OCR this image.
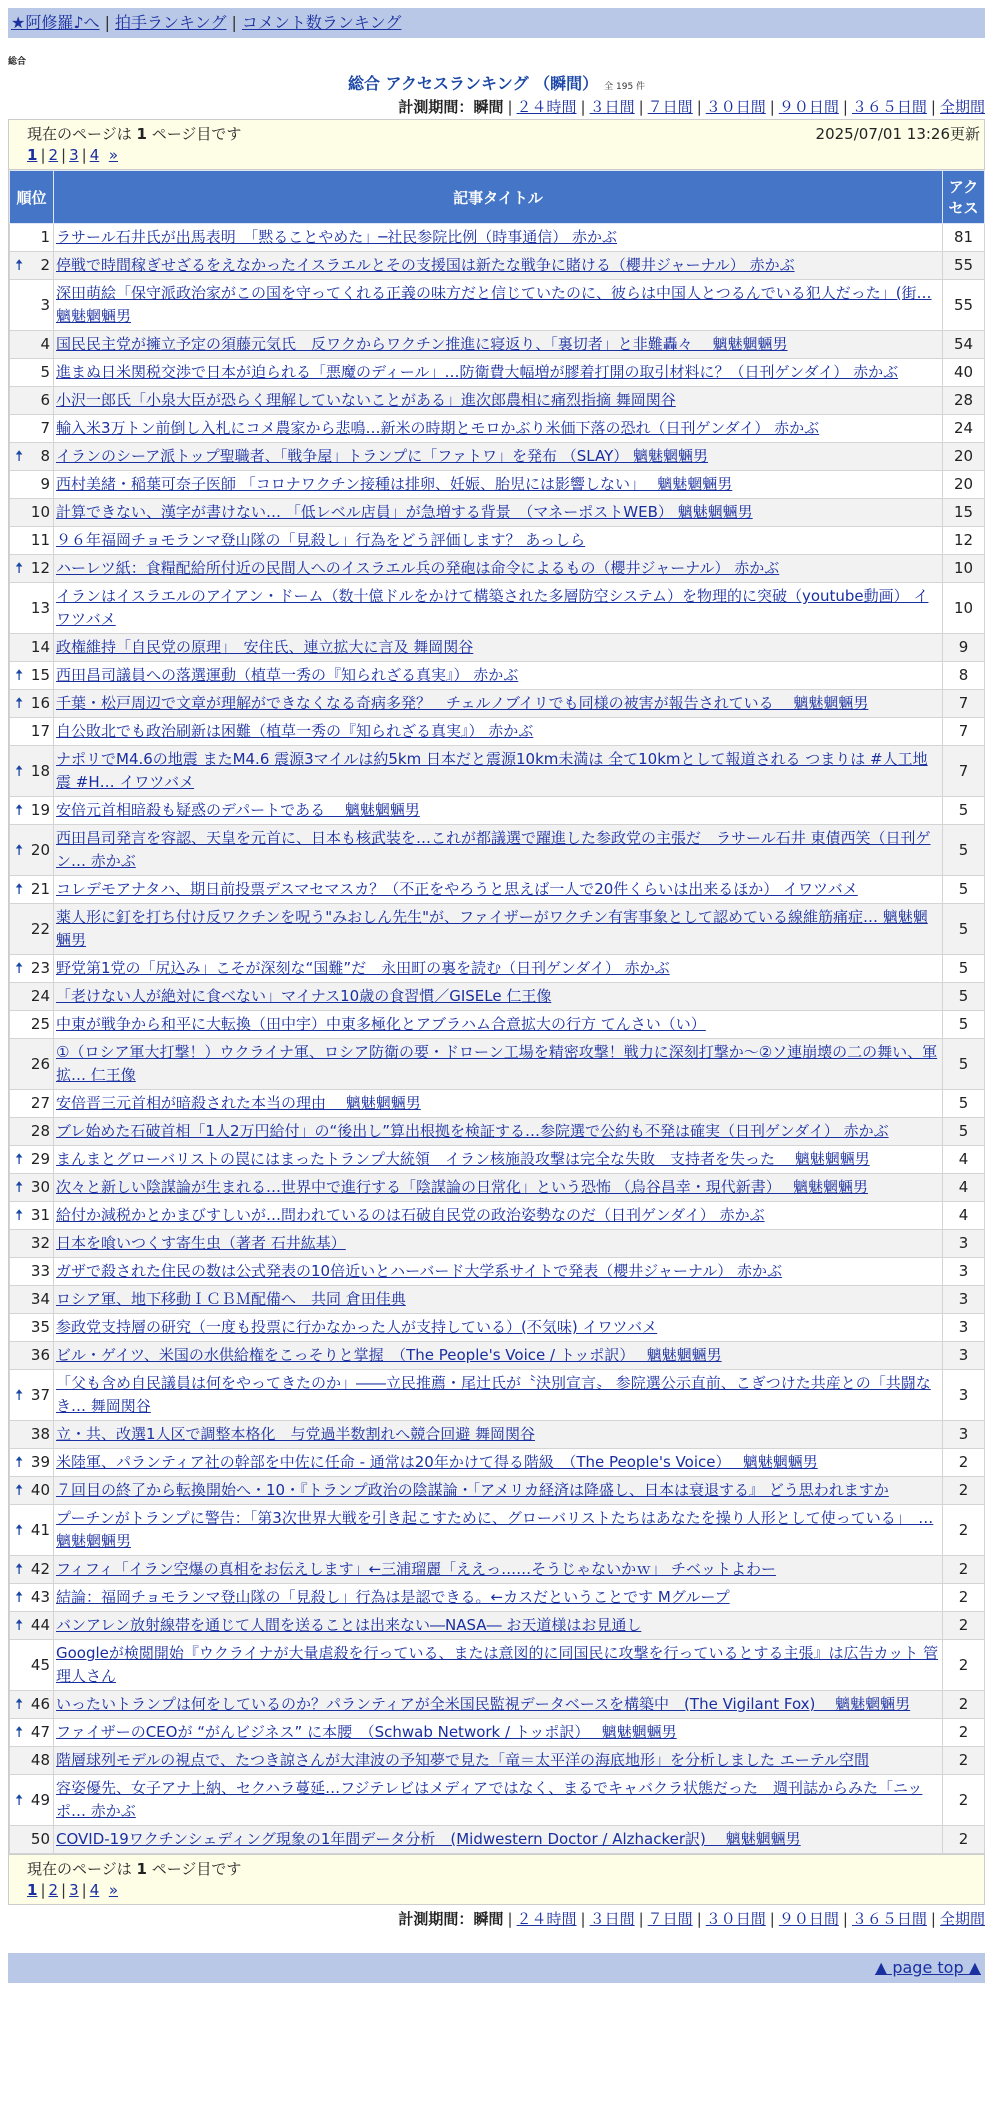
★阿修羅♪へ | 拍手ランキング | コメント数ランキング
総合
総合 アクセスランキング （瞬間） 全 195 件
計測期間：瞬間 | ２４時間 | ３日間 | ７日間 | ３０日間 | ９０日間 | ３６５日間 | 全期間
現在のページは 1 ページ目です	2025/07/01 13:26更新
1 | 2 | 3 | 4 »
順位	記事タイトル	アクセス
1	ラサール石井氏が出馬表明　「黙ることやめた」─社民参院比例（時事通信） 赤かぶ	81

🠅 2	停戦で時間稼ぎせざるをえなかったイスラエルとその支援国は新たな戦争に賭ける（櫻井ジャーナル） 赤かぶ	55
3	深田萌絵「保守派政治家がこの国を守ってくれる正義の味方だと信じていたのに、彼らは中国人とつるんでいる犯人だった」(街… 魑魅魍魎男	55
4	国民民主党が擁立予定の須藤元気氏　反ワクからワクチン推進に寝返り、「裏切者」と非難轟々　 魑魅魍魎男	54
5	進まぬ日米関税交渉で日本が迫られる「悪魔のディール」…防衛費大幅増が膠着打開の取引材料に？（日刊ゲンダイ） 赤かぶ	40
6	小沢一郎氏「小泉大臣が恐らく理解していないことがある」進次郎農相に痛烈指摘 舞岡関谷	28
7	輸入米3万トン前倒し入札にコメ農家から悲鳴…新米の時期とモロかぶり米価下落の恐れ（日刊ゲンダイ） 赤かぶ	24

🠅 8	イランのシーア派トップ聖職者、「戦争屋」トランプに「ファトワ」を発布 （SLAY） 魑魅魍魎男	20
9	西村美緒・稲葉可奈子医師 「コロナワクチン接種は排卵、妊娠、胎児には影響しない」　 魑魅魍魎男	20
10	計算できない、漢字が書けない… 「低レベル店員」が急増する背景　（マネーポストWEB） 魑魅魍魎男	15
11	９６年福岡チョモランマ登山隊の「見殺し」行為をどう評価します？ あっしら	12

🠅 12	ハーレツ紙：食糧配給所付近の民間人へのイスラエル兵の発砲は命令によるもの（櫻井ジャーナル） 赤かぶ	10
13	イランはイスラエルのアイアン・ドーム（数十億ドルをかけて構築された多層防空システム）を物理的に突破（youtube動画） イワツバメ	10
14	政権維持「自民党の原理」　安住氏、連立拡大に言及 舞岡関谷	9

🠅 15	西田昌司議員への落選運動（植草一秀の『知られざる真実』） 赤かぶ	8

🠅 16	千葉・松戸周辺で文章が理解ができなくなる奇病多発？　チェルノブイリでも同様の被害が報告されている　 魑魅魍魎男	7
17	自公敗北でも政治刷新は困難（植草一秀の『知られざる真実』） 赤かぶ	7

🠅 18	ナポリでM4.6の地震 またM4.6 震源3マイルは約5km 日本だと震源10km未満は 全て10kmとして報道される つまりは #人工地震 #H… イワツバメ	7

🠅 19	安倍元首相暗殺も疑惑のデパートである　 魑魅魍魎男	5

🠅 20	西田昌司発言を容認、天皇を元首に、日本も核武装を…これが都議選で躍進した参政党の主張だ　ラサール石井 東債西笑（日刊ゲン… 赤かぶ	5

🠅 21	コレデモアナタハ、期日前投票デスマセマスカ？（不正をやろうと思えば一人で20件くらいは出来るほか） イワツバメ	5
22	薬人形に釘を打ち付け反ワクチンを呪う"みおしん先生"が、ファイザーがワクチン有害事象として認めている線維筋痛症… 魑魅魍魎男	5

🠅 23	野党第1党の「尻込み」こそが深刻な“国難”だ　永田町の裏を読む（日刊ゲンダイ） 赤かぶ	5
24	「老けない人が絶対に食べない」マイナス10歳の食習慣／GISELe 仁王像	5
25	中東が戦争から和平に大転換（田中宇）中東多極化とアブラハム合意拡大の行方 てんさい（い）	5
26	①（ロシア軍大打撃！）ウクライナ軍、ロシア防衛の要・ドローン工場を精密攻撃！戦力に深刻打撃か～②ソ連崩壊の二の舞い、軍拡… 仁王像	5
27	安倍晋三元首相が暗殺された本当の理由　 魑魅魍魎男	5
28	ブレ始めた石破首相「1人2万円給付」の“後出し”算出根拠を検証する…参院選で公約も不発は確実（日刊ゲンダイ） 赤かぶ	5

🠅 29	まんまとグローバリストの罠にはまったトランプ大統領　イラン核施設攻撃は完全な失敗　支持者を失った　 魑魅魍魎男	4

🠅 30	次々と新しい陰謀論が生まれる…世界中で進行する「陰謀論の日常化」という恐怖 （烏谷昌幸・現代新書）　 魑魅魍魎男	4

🠅 31	給付か減税かとかまびすしいが…問われているのは石破自民党の政治姿勢なのだ（日刊ゲンダイ） 赤かぶ	4
32	日本を喰いつくす寄生虫（著者 石井紘基）	3
33	ガザで殺された住民の数は公式発表の10倍近いとハーバード大学系サイトで発表（櫻井ジャーナル） 赤かぶ	3
34	ロシア軍、地下移動ＩＣＢＭ配備へ　共同 倉田佳典	3
35	参政党支持層の研究（一度も投票に行かなかった人が支持している）(不気味) イワツバメ	3
36	ビル・ゲイツ、米国の水供給権をこっそりと掌握　（The People's Voice / トッポ訳）　 魑魅魍魎男	3

🠅 37	「父も含め自民議員は何をやってきたのか」――立民推薦・尾辻氏が〝決別宣言〟 参院選公示直前、こぎつけた共産との「共闘なき… 舞岡関谷	3
38	立・共、改選1人区で調整本格化　与党過半数割れへ競合回避 舞岡関谷	3

🠅 39	米陸軍、パランティア社の幹部を中佐に任命 - 通常は20年かけて得る階級　（The People's Voice）　 魑魅魍魎男	2

🠅 40	７回目の終了から転換開始へ・10・『トランプ政治の陰謀論・「アメリカ経済は降盛し、日本は衰退する』 どう思われますか	2

🠅 41	プーチンがトランプに警告：「第3次世界大戦を引き起こすために、グローバリストたちはあなたを操り人形として使っている」　… 魑魅魍魎男	2

🠅 42	フィフィ「イラン空爆の真相をお伝えします」←三浦瑠麗「ええっ……そうじゃないかｗ」 チベットよわー	2

🠅 43	結論：福岡チョモランマ登山隊の「見殺し」行為は是認できる。←カスだということです Mグループ	2

🠅 44	バンアレン放射線帯を通じて人間を送ることは出来ない―NASA― お天道様はお見通し	2
45	Googleが検閲開始『ウクライナが大量虐殺を行っている、または意図的に同国民に攻撃を行っているとする主張』は広告カット 管理人さん	2

🠅 46	いったいトランプは何をしているのか？パランティアが全米国民監視データベースを構築中　(The Vigilant Fox)　 魑魅魍魎男	2

🠅 47	ファイザーのCEOが “がんビジネス” に本腰　（Schwab Network / トッポ訳）　 魑魅魍魎男	2
48	階層球列モデルの視点で、たつき諒さんが大津波の予知夢で見た「竜＝太平洋の海底地形」を分析しました エーテル空間	2

🠅 49	容姿優先、女子アナ上納、セクハラ蔓延…フジテレビはメディアではなく、まるでキャバクラ状態だった　週刊誌からみた「ニッポ… 赤かぶ	2
50	COVID-19ワクチンシェディング現象の1年間データ分析　(Midwestern Doctor / Alzhacker訳)　 魑魅魍魎男	2
現在のページは 1 ページ目です
1 | 2 | 3 | 4 »
計測期間：瞬間 | ２４時間 | ３日間 | ７日間 | ３０日間 | ９０日間 | ３６５日間 | 全期間
▲ page top ▲
